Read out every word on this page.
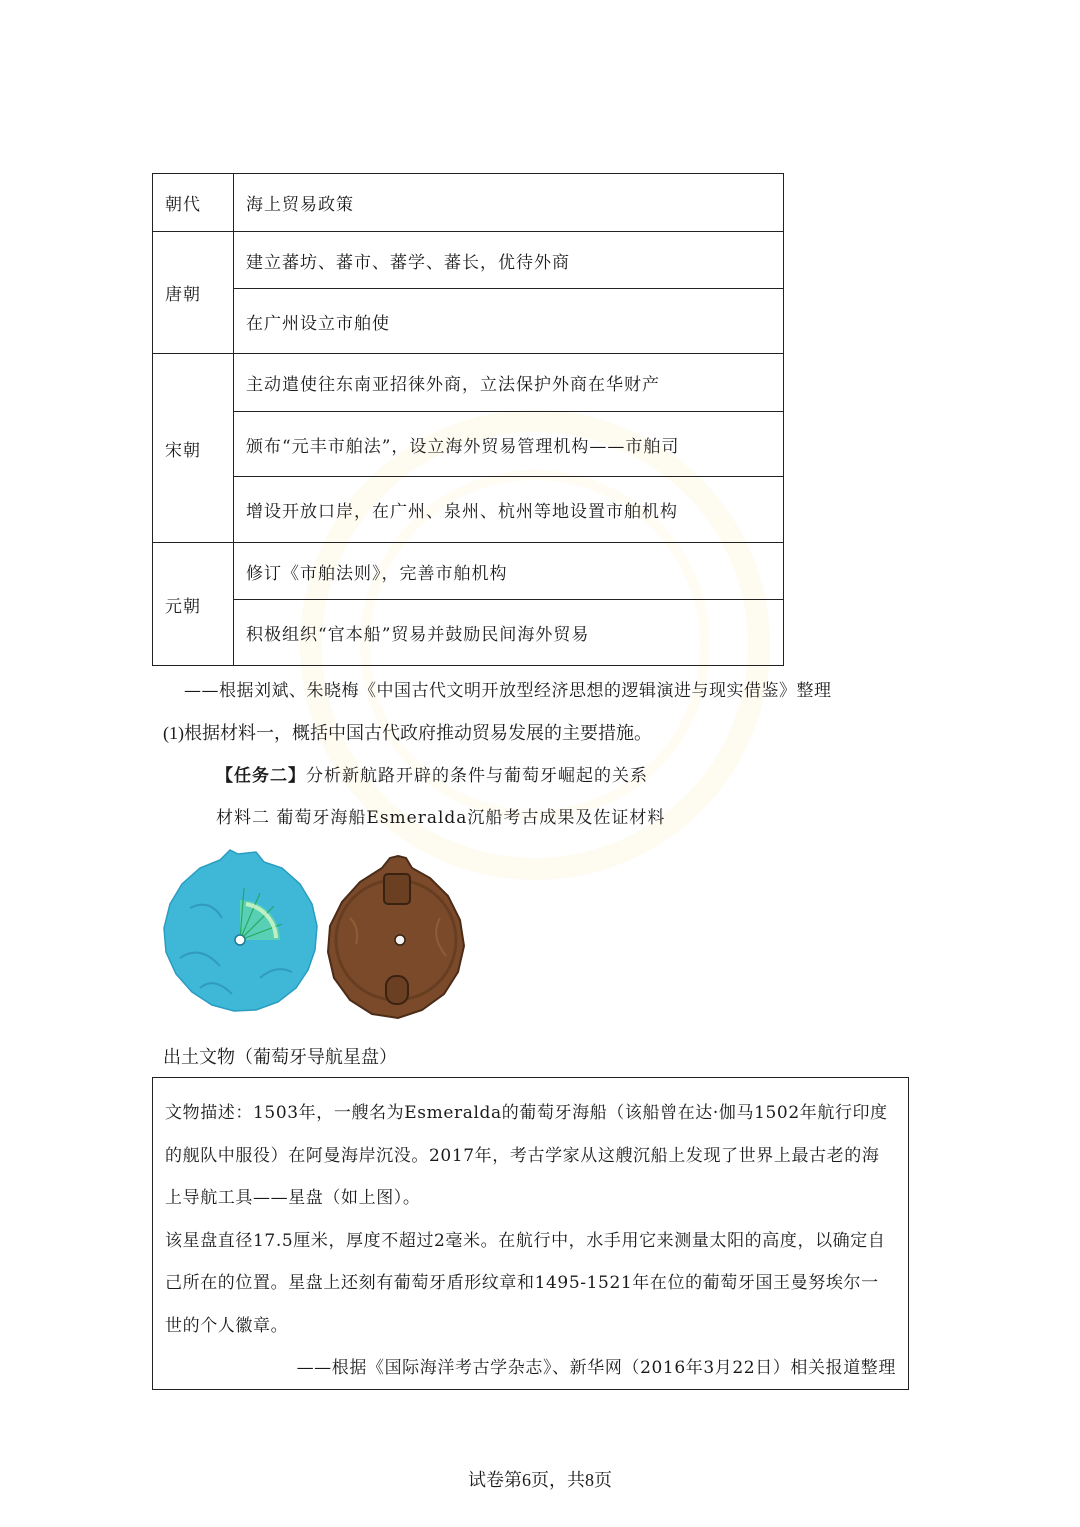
朝代	海上贸易政策
唐朝	建立蕃坊、蕃市、蕃学、蕃长，优待外商
	在广州设立市舶使
宋朝	主动遣使往东南亚招徕外商，立法保护外商在华财产
	颁布“元丰市舶法”，设立海外贸易管理机构——市舶司
	增设开放口岸，在广州、泉州、杭州等地设置市舶机构
元朝	修订《市舶法则》，完善市舶机构
	积极组织“官本船”贸易并鼓励民间海外贸易
——根据刘斌、朱晓梅《中国古代文明开放型经济思想的逻辑演进与现实借鉴》整理
(1)根据材料一，概括中国古代政府推动贸易发展的主要措施。
【任务二】分析新航路开辟的条件与葡萄牙崛起的关系
材料二 葡萄牙海船Esmeralda沉船考古成果及佐证材料
出土文物（葡萄牙导航星盘）

文物描述：1503年，一艘名为Esmeralda的葡萄牙海船（该船曾在达·伽马1502年航行印度的舰队中服役）在阿曼海岸沉没。2017年，考古学家从这艘沉船上发现了世界上最古老的海上导航工具——星盘（如上图）。

该星盘直径17.5厘米，厚度不超过2毫米。在航行中，水手用它来测量太阳的高度，以确定自己所在的位置。星盘上还刻有葡萄牙盾形纹章和1495-1521年在位的葡萄牙国王曼努埃尔一世的个人徽章。

——根据《国际海洋考古学杂志》、新华网（2016年3月22日）相关报道整理

试卷第6页，共8页
